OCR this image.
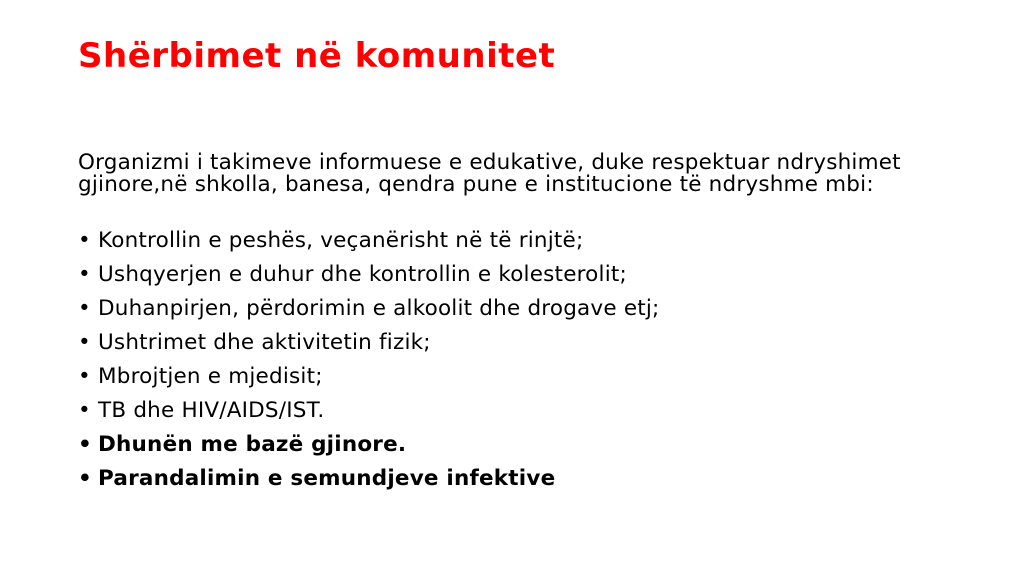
Shërbimet në komunitet

Organizmi i takimeve informuese e edukative, duke respektuar ndryshimet gjinore,në shkolla, banesa, qendra pune e institucione të ndryshme mbi:

• Kontrollin e peshës, veçanërisht në të rinjtë;
• Ushqyerjen e duhur dhe kontrollin e kolesterolit;
• Duhanpirjen, përdorimin e alkoolit dhe drogave etj;
• Ushtrimet dhe aktivitetin fizik;
• Mbrojtjen e mjedisit;
• TB dhe HIV/AIDS/IST.
• Dhunën me bazë gjinore.
• Parandalimin e semundjeve infektive
